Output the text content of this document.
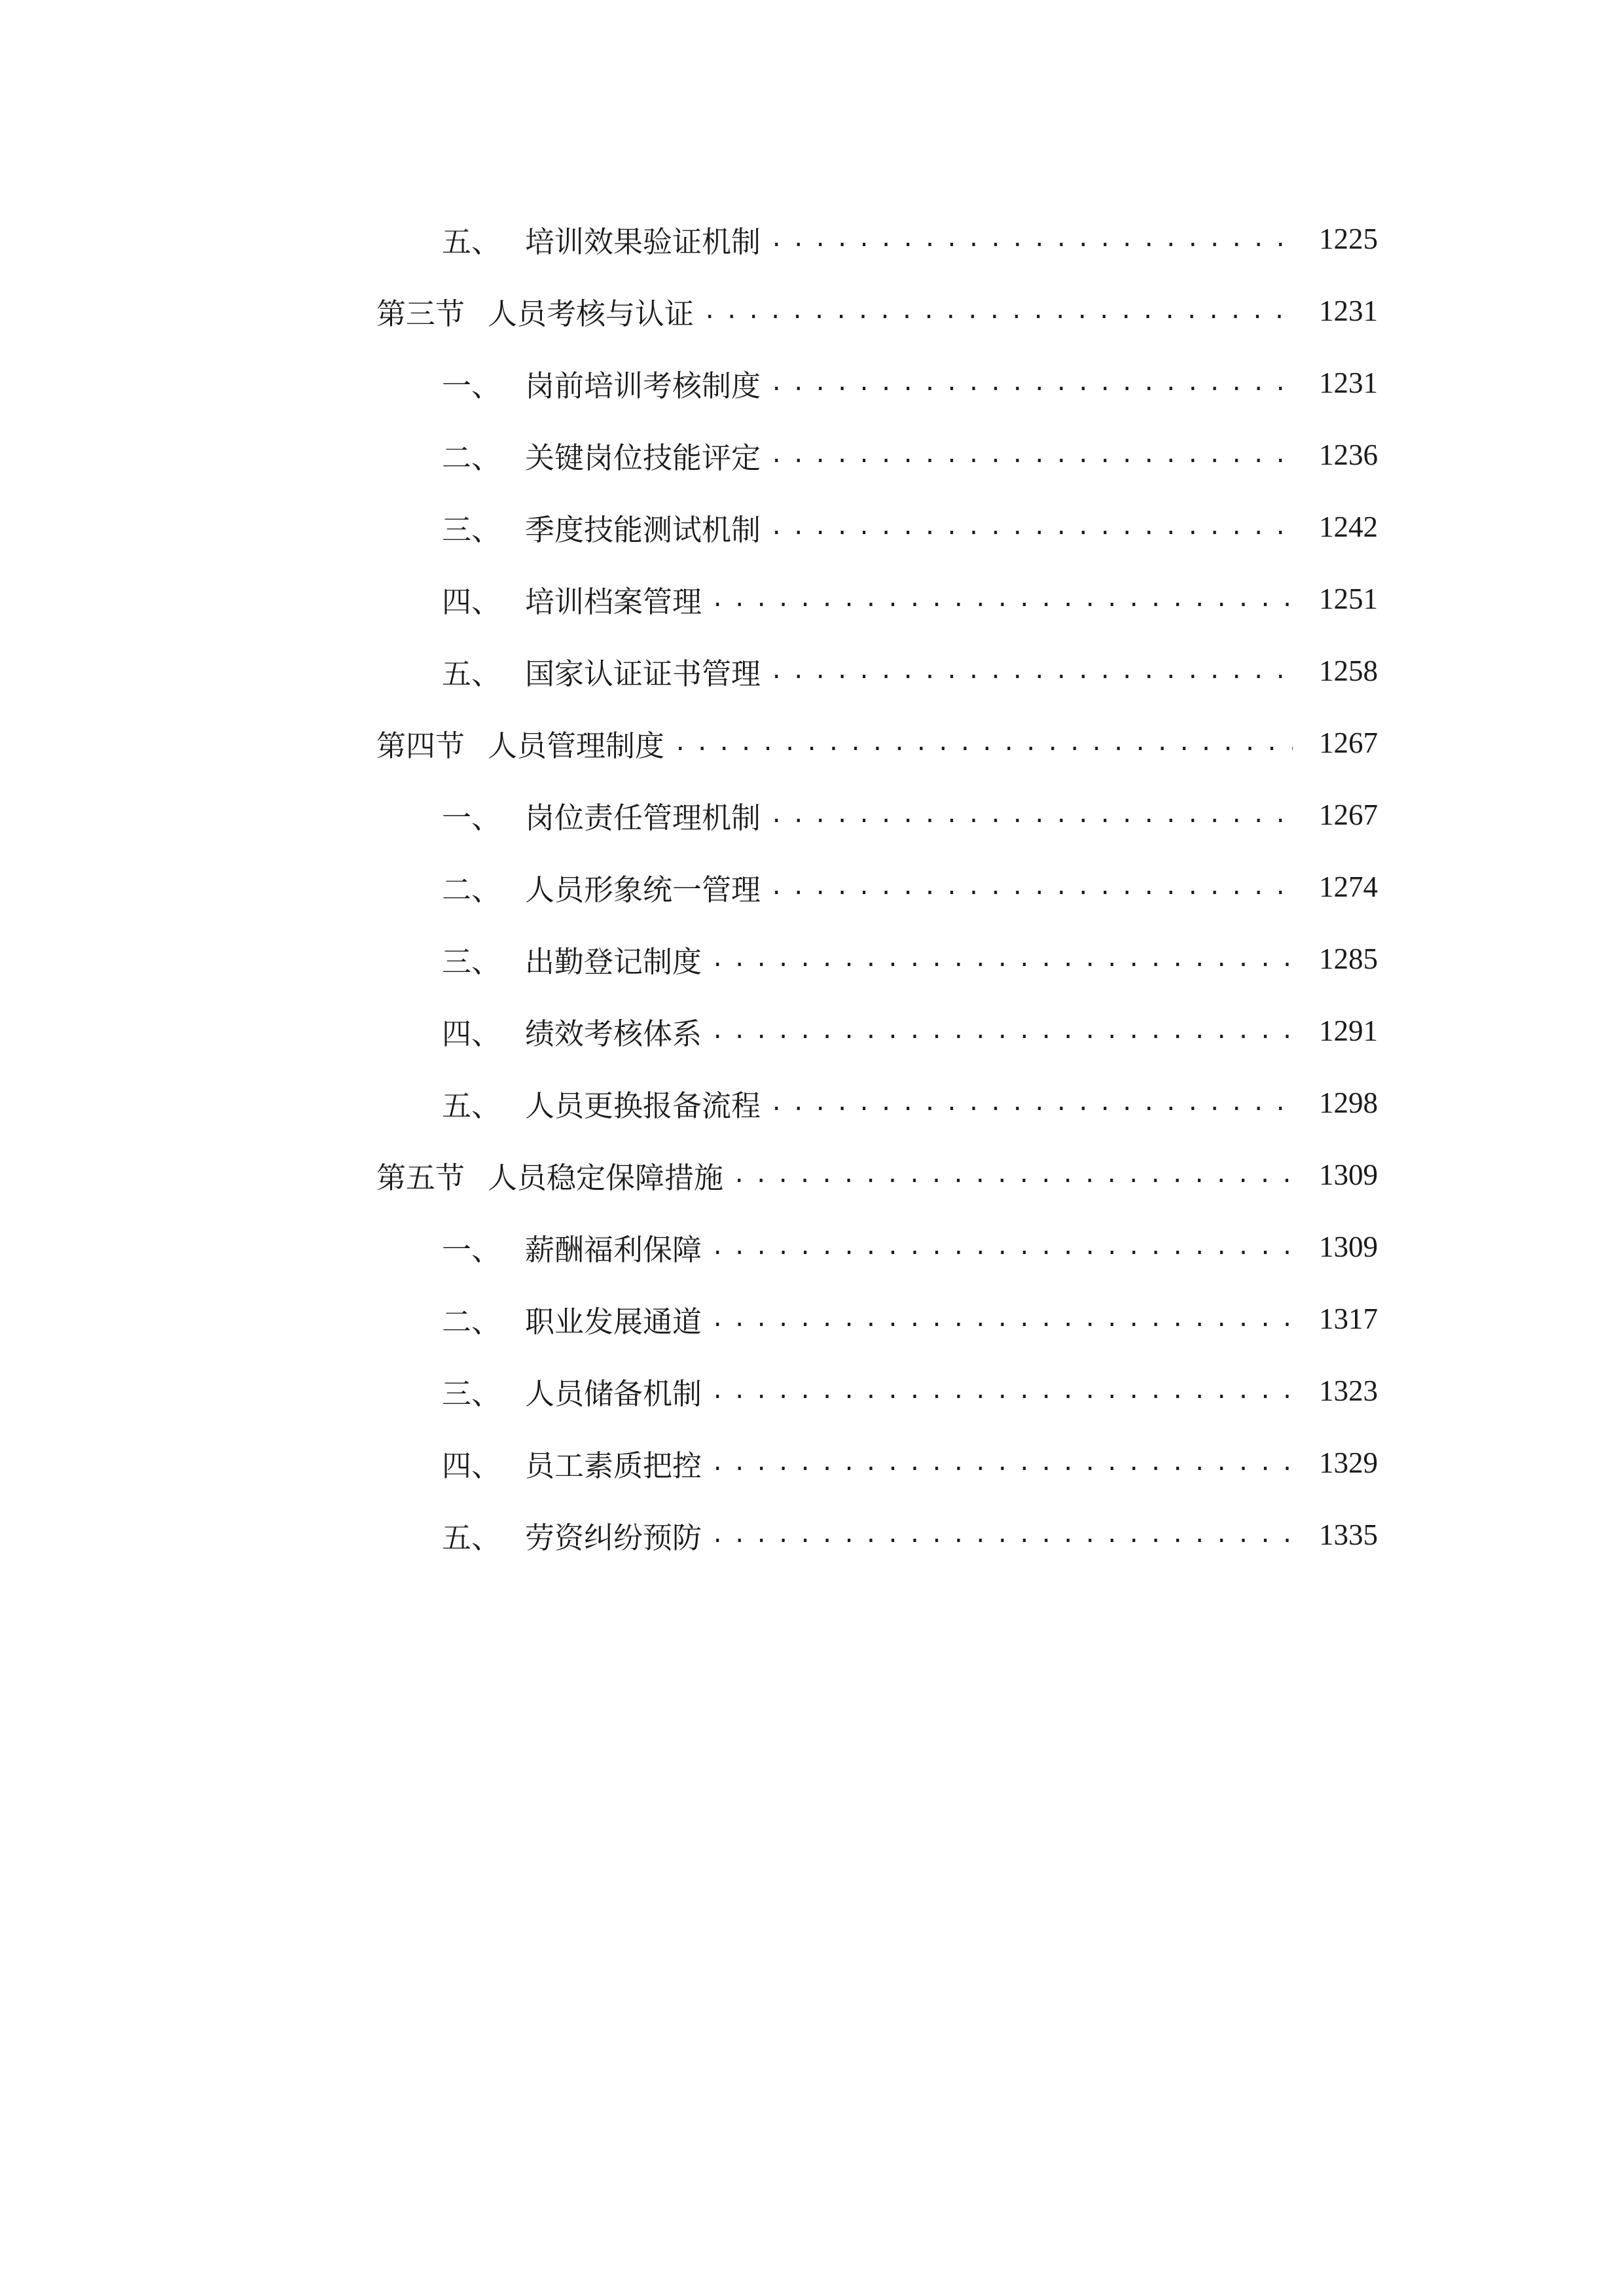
五、 培训效果验证机制 .....	1225
第三节 人员考核与认证 .....	1231
一、 岗前培训考核制度 .....	1231
二、 关键岗位技能评定 .....	1236
三、 季度技能测试机制 .....	1242
四、 培训档案管理 .....	1251
五、 国家认证证书管理 .....	1258
第四节 人员管理制度 .....	1267
一、 岗位责任管理机制 .....	1267
二、 人员形象统一管理 .....	1274
三、 出勤登记制度 .....	1285
四、 绩效考核体系 .....	1291
五、 人员更换报备流程 .....	1298
第五节 人员稳定保障措施 .....	1309
一、 薪酬福利保障 .....	1309
二、 职业发展通道 .....	1317
三、 人员储备机制 .....	1323
四、 员工素质把控 .....	1329
五、 劳资纠纷预防 .....	1335
